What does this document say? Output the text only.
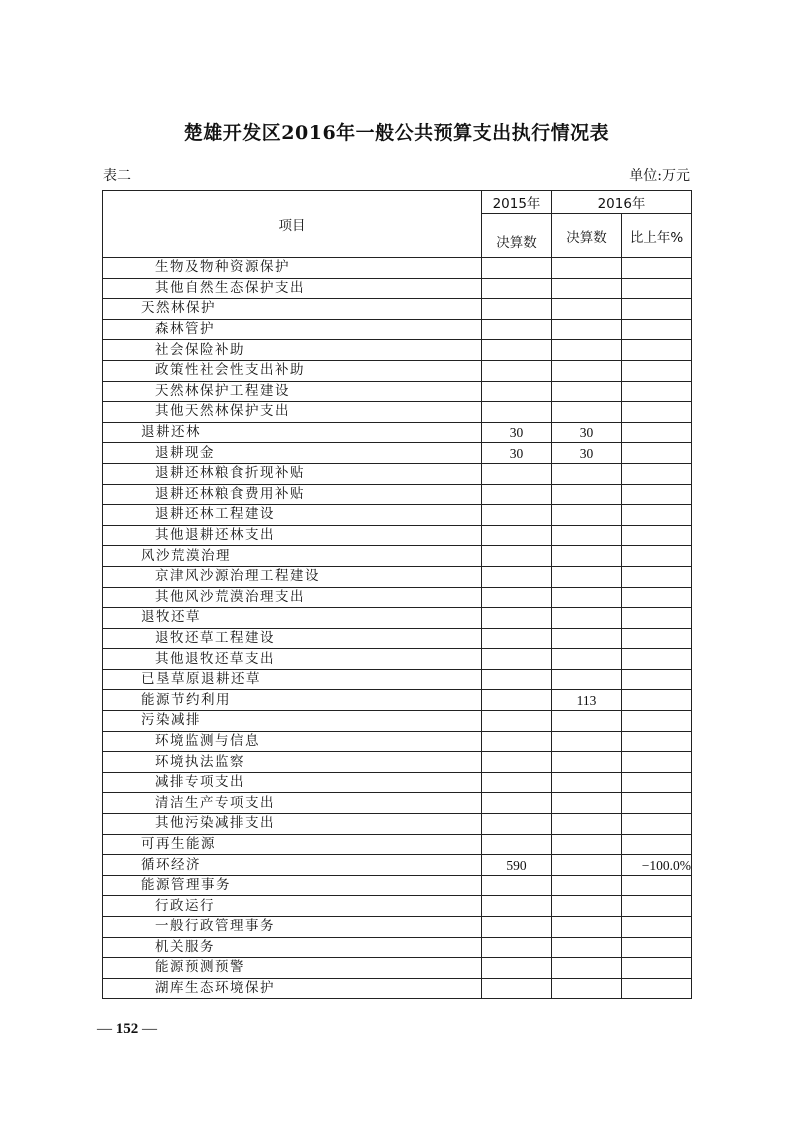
楚雄开发区2016年一般公共预算支出执行情况表
表二	单位:万元
项目	2015年	2016年	
	决算数	决算数	比上年%
生物及物种资源保护			
其他自然生态保护支出			
天然林保护			
森林管护			
社会保险补助			
政策性社会性支出补助			
天然林保护工程建设			
其他天然林保护支出			
退耕还林	30	30	
退耕现金	30	30	
退耕还林粮食折现补贴			
退耕还林粮食费用补贴			
退耕还林工程建设			
其他退耕还林支出			
风沙荒漠治理			
京津风沙源治理工程建设			
其他风沙荒漠治理支出			
退牧还草			
退牧还草工程建设			
其他退牧还草支出			
已垦草原退耕还草			
能源节约利用		113	
污染减排			
环境监测与信息			
环境执法监察			
减排专项支出			
清洁生产专项支出			
其他污染减排支出			
可再生能源			
循环经济	590		−100.0%
能源管理事务			
行政运行			
一般行政管理事务			
机关服务			
能源预测预警			
湖库生态环境保护			
— 152 —
